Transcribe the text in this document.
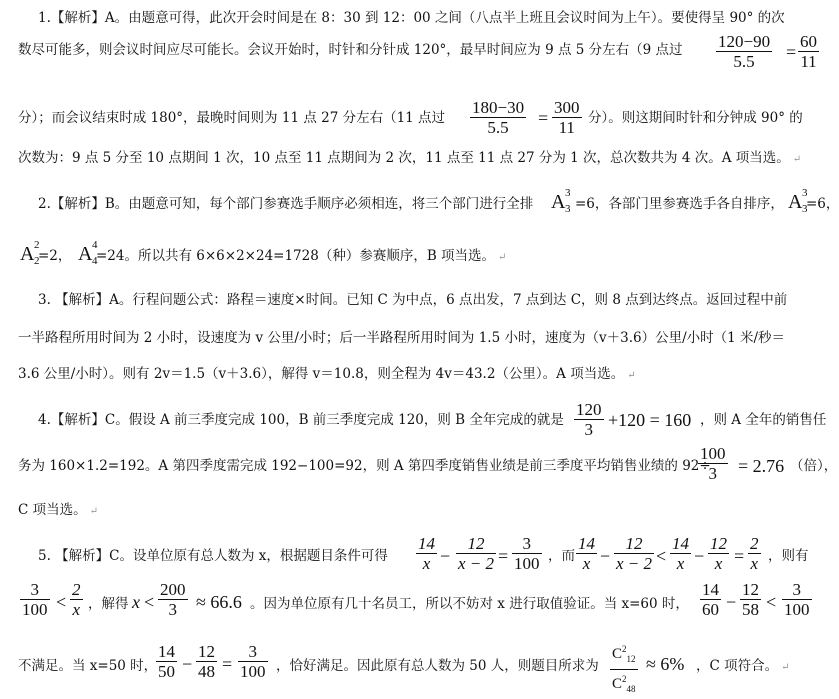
1.【解析】A。由题意可得，此次开会时间是在 8：30 到 12：00 之间（八点半上班且会议时间为上午）。要使得呈 90° 的次
数尽可能多，则会议时间应尽可能长。会议开始时，时针和分针成 120°，最早时间应为 9 点 5 分左右（9 点过	$\frac{120-90}{5.5} = \frac{60}{11}$
分）；而会议结束时成 180°，最晚时间则为 11 点 27 分左右（11 点过	$\frac{180-30}{5.5} = \frac{300}{11}$ 分）。则这期间时针和分钟成 90° 的
次数为：9 点 5 分至 10 点期间 1 次，10 点至 11 点期间为 2 次，11 点至 11 点 27 分为 1 次，总次数共为 4 次。A 项当选。 ↵
2.【解析】B。由题意可知，每个部门参赛选手顺序必须相连，将三个部门进行全排 A 3
3 =6，各部门里参赛选手各自排序， A 3
3
=6，
A 2
2
=2， A 4
4
=24。所以共有 6×6×2×24=1728（种）参赛顺序，B 项当选。 ↵
3. 【解析】A。行程问题公式：路程＝速度×时间。已知 C 为中点，6 点出发，7 点到达 C，则 8 点到达终点。返回过程中前
一半路程所用时间为 2 小时，设速度为 v 公里/小时；后一半路程所用时间为 1.5 小时，速度为（v＋3.6）公里/小时（1 米/秒＝
3.6 公里/小时）。则有 2v＝1.5（v＋3.6），解得 v＝10.8，则全程为 4v＝43.2（公里）。A 项当选。 ↵
4.【解析】C。假设 A 前三季度完成 100，B 前三季度完成 120，则 B 全年完成的就是 $\frac{120}{3} +120 = 160$ ，则 A 全年的销售任
务为 160×1.2=192。A 第四季度需完成 192−100=92，则 A 第四季度销售业绩是前三季度平均销售业绩的 92÷
$\frac{100}{3} = 2.76$ （倍），
C 项当选。 ↵
5. 【解析】C。设单位原有总人数为 x，根据题目条件可得	$\frac{14}{x} - \frac{12}{x - 2} = \frac{3}{100}$ ，而 $\frac{14}{x} - \frac{12}{x - 2} < \frac{14}{x} - \frac{12}{x} = \frac{2}{x}$ ，则有
$\frac{3}{100} < \frac{2}{x}$ ，解得 $x < \frac{200}{3} \approx 66.6$ 。因为单位原有几十名员工，所以不妨对 x 进行取值验证。当 x=60 时， $\frac{14}{60} - \frac{12}{58} < \frac{3}{100}$
不满足。当 x=50 时，
$\frac{14}{50} - \frac{12}{48} = \frac{3}{100}$ ，恰好满足。因此原有总人数为 50 人，则题目所求为 $\frac{C^2_{12}}{C^2_{48}} \approx 6\%$ ，C 项符合。 ↵
